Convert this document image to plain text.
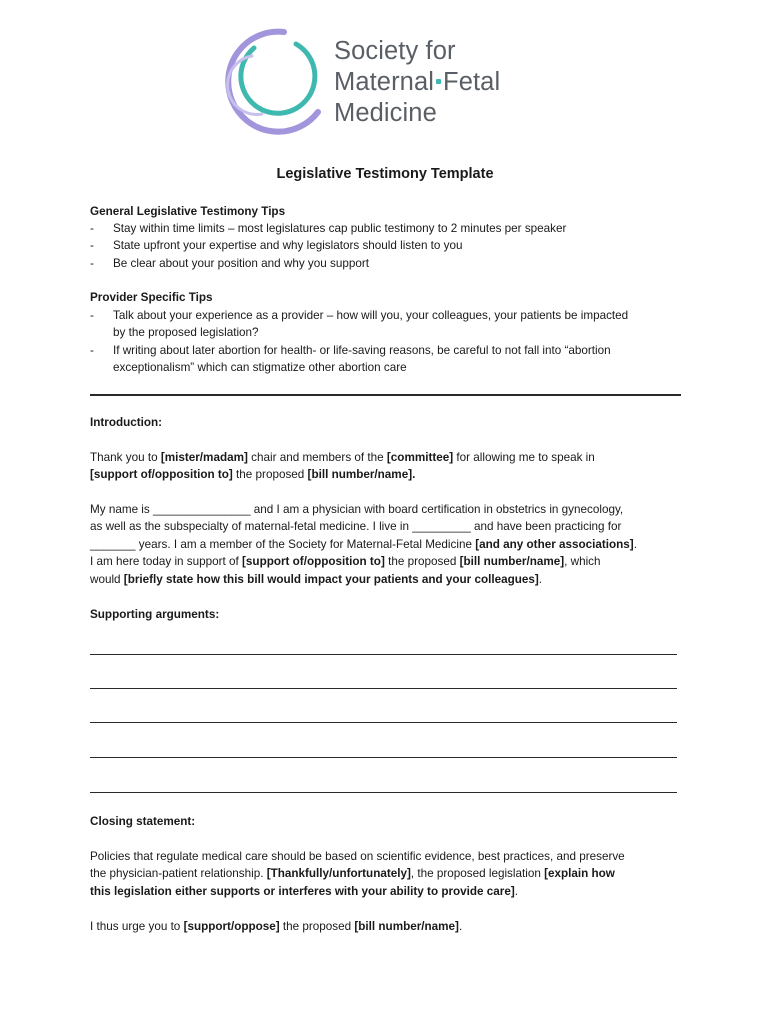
Society for
Maternal Fetal
Medicine
Legislative Testimony Template
General Legislative Testimony Tips
- Stay within time limits – most legislatures cap public testimony to 2 minutes per speaker
- State upfront your expertise and why legislators should listen to you
- Be clear about your position and why you support
Provider Specific Tips
- Talk about your experience as a provider – how will you, your colleagues, your patients be impacted
by the proposed legislation?
- If writing about later abortion for health- or life-saving reasons, be careful to not fall into “abortion
exceptionalism” which can stigmatize other abortion care
Introduction:
Thank you to [mister/madam] chair and members of the [committee] for allowing me to speak in
[support of/opposition to] the proposed [bill number/name].
My name is _______________ and I am a physician with board certification in obstetrics in gynecology,
as well as the subspecialty of maternal-fetal medicine. I live in _________ and have been practicing for
_______ years. I am a member of the Society for Maternal-Fetal Medicine [and any other associations].
I am here today in support of [support of/opposition to] the proposed [bill number/name], which
would [briefly state how this bill would impact your patients and your colleagues].
Supporting arguments:
Closing statement:
Policies that regulate medical care should be based on scientific evidence, best practices, and preserve
the physician-patient relationship. [Thankfully/unfortunately], the proposed legislation [explain how
this legislation either supports or interferes with your ability to provide care].
I thus urge you to [support/oppose] the proposed [bill number/name].
